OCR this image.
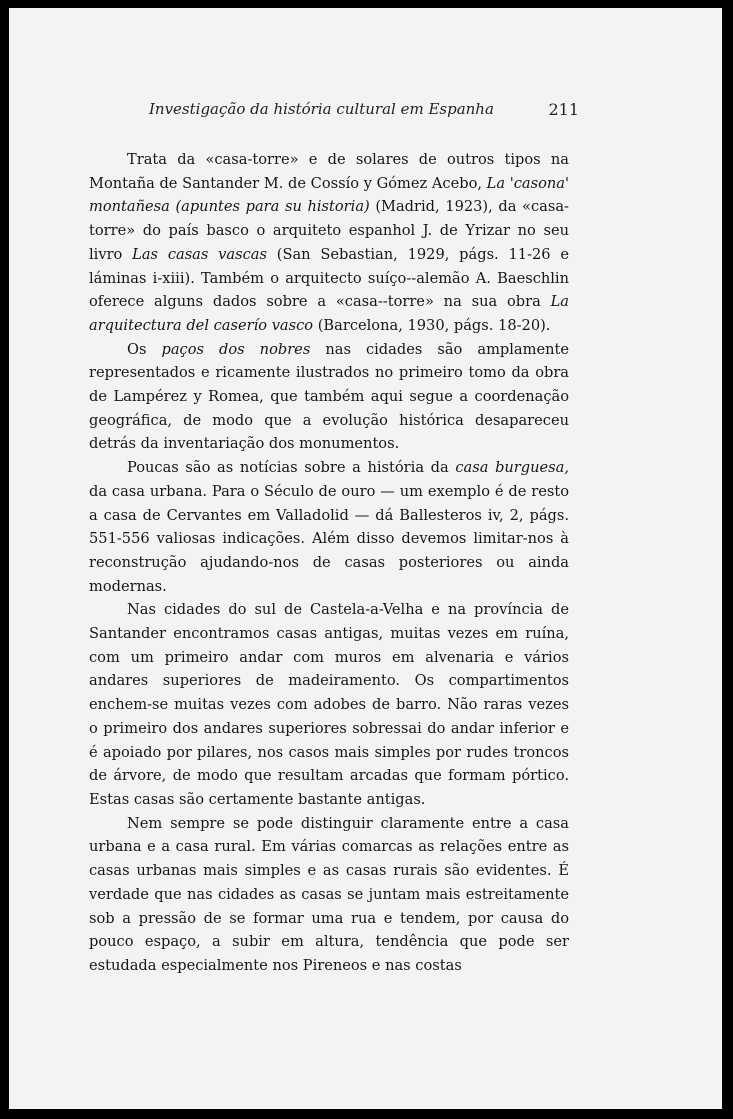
Investigação da história cultural em Espanha	211

Trata da «casa-torre» e de solares de outros tipos na Montaña de Santander M. de Cossío y Gómez Acebo, La 'casona' montañesa (apuntes para su historia) (Madrid, 1923), da «casa-torre» do país basco o arquiteto espanhol J. de Yrizar no seu livro Las casas vascas (San Sebastian, 1929, págs. 11-26 e láminas i-xiii). Também o arquitecto suíço--alemão A. Baeschlin oferece alguns dados sobre a «casa--torre» na sua obra La arquitectura del caserío vasco (Barcelona, 1930, págs. 18-20).

Os paços dos nobres nas cidades são amplamente representados e ricamente ilustrados no primeiro tomo da obra de Lampérez y Romea, que também aqui segue a coordenação geográfica, de modo que a evolução histórica desapareceu detrás da inventariação dos monumentos.

Poucas são as notícias sobre a história da casa burguesa, da casa urbana. Para o Século de ouro — um exemplo é de resto a casa de Cervantes em Valladolid — dá Ballesteros iv, 2, págs. 551-556 valiosas indicações. Além disso devemos limitar-nos à reconstrução ajudando-nos de casas posteriores ou ainda modernas.

Nas cidades do sul de Castela-a-Velha e na província de Santander encontramos casas antigas, muitas vezes em ruína, com um primeiro andar com muros em alvenaria e vários andares superiores de madeiramento. Os compartimentos enchem-se muitas vezes com adobes de barro. Não raras vezes o primeiro dos andares superiores sobressai do andar inferior e é apoiado por pilares, nos casos mais simples por rudes troncos de árvore, de modo que resultam arcadas que formam pórtico. Estas casas são certamente bastante antigas.

Nem sempre se pode distinguir claramente entre a casa urbana e a casa rural. Em várias comarcas as relações entre as casas urbanas mais simples e as casas rurais são evidentes. É verdade que nas cidades as casas se juntam mais estreitamente sob a pressão de se formar uma rua e tendem, por causa do pouco espaço, a subir em altura, tendência que pode ser estudada especialmente nos Pireneos e nas costas
